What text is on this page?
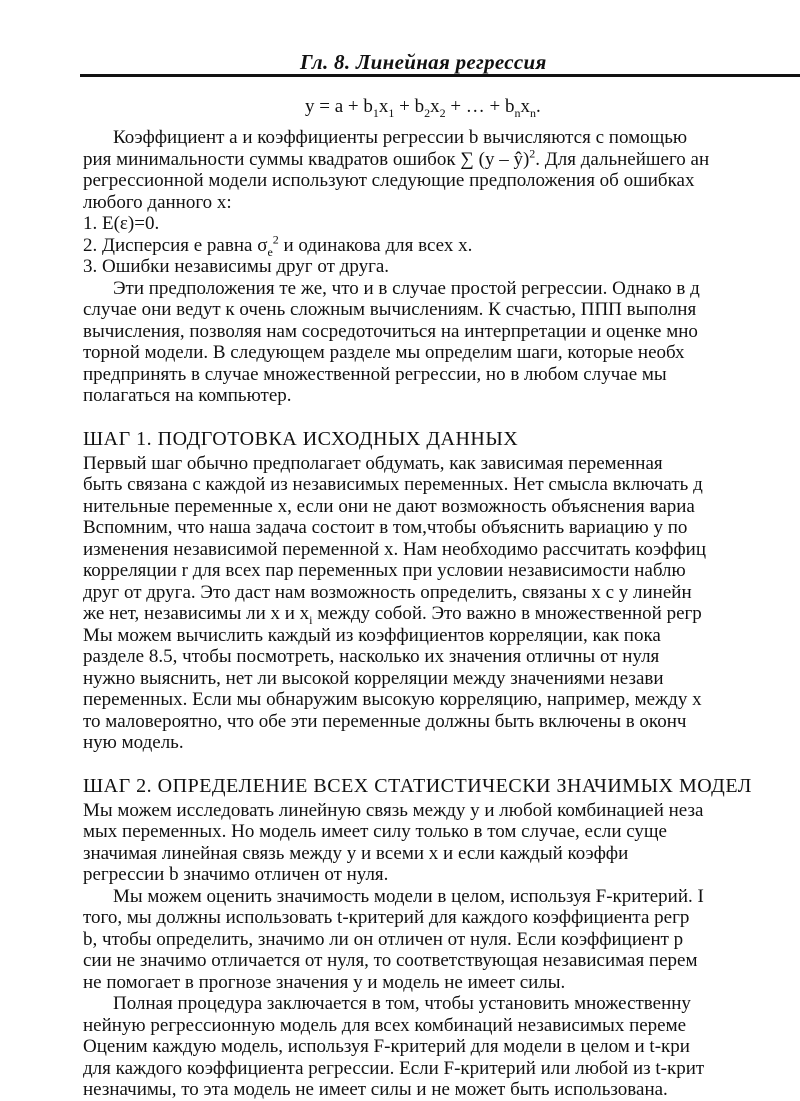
Гл. 8. Линейная регрессия
$y = a + b_1x_1 + b_2x_2$ + … + $b_nx_n$.
Коэффициент a и коэффициенты регрессии b вычисляются с помощью
рия минимальности суммы квадратов ошибок ∑ (y – ŷ)$^2$. Для дальнейшего ан
регрессионной модели используют следующие предположения об ошибках
любого данного x:
1. E(ε)=0.
2. Дисперсия e равна $\sigma_e^2$ и одинакова для всех x.
3. Ошибки независимы друг от друга.
Эти предположения те же, что и в случае простой регрессии. Однако в д
случае они ведут к очень сложным вычислениям. К счастью, ППП выполня
вычисления, позволяя нам сосредоточиться на интерпретации и оценке мно
торной модели. В следующем разделе мы определим шаги, которые необх
предпринять в случае множественной регрессии, но в любом случае мы
полагаться на компьютер.
ШАГ 1. ПОДГОТОВКА ИСХОДНЫХ ДАННЫХ
Первый шаг обычно предполагает обдумать, как зависимая переменная
быть связана с каждой из независимых переменных. Нет смысла включать д
нительные переменные x, если они не дают возможность объяснения вариа
Вспомним, что наша задача состоит в том,чтобы объяснить вариацию y по
изменения независимой переменной x. Нам необходимо рассчитать коэффиц
корреляции r для всех пар переменных при условии независимости наблю
друг от друга. Это даст нам возможность определить, связаны x с y линейн
же нет, независимы ли x и $x_i$ между собой. Это важно в множественной регр
Мы можем вычислить каждый из коэффициентов корреляции, как пока
разделе 8.5, чтобы посмотреть, насколько их значения отличны от нуля
нужно выяснить, нет ли высокой корреляции между значениями незави
переменных. Если мы обнаружим высокую корреляцию, например, между x
то маловероятно, что обе эти переменные должны быть включены в оконч
ную модель.
ШАГ 2. ОПРЕДЕЛЕНИЕ ВСЕХ СТАТИСТИЧЕСКИ ЗНАЧИМЫХ МОДЕЛ
Мы можем исследовать линейную связь между y и любой комбинацией неза
мых переменных. Но модель имеет силу только в том случае, если суще
значимая линейная связь между y и всеми x и если каждый коэффи
регрессии b значимо отличен от нуля.
Мы можем оценить значимость модели в целом, используя F-критерий. I
того, мы должны использовать t-критерий для каждого коэффициента регр
b, чтобы определить, значимо ли он отличен от нуля. Если коэффициент р
сии не значимо отличается от нуля, то соответствующая независимая перем
не помогает в прогнозе значения y и модель не имеет силы.
Полная процедура заключается в том, чтобы установить множественну
нейную регрессионную модель для всех комбинаций независимых переме
Оценим каждую модель, используя F-критерий для модели в целом и t-кри
для каждого коэффициента регрессии. Если F-критерий или любой из t-крит
незначимы, то эта модель не имеет силы и не может быть использована.
